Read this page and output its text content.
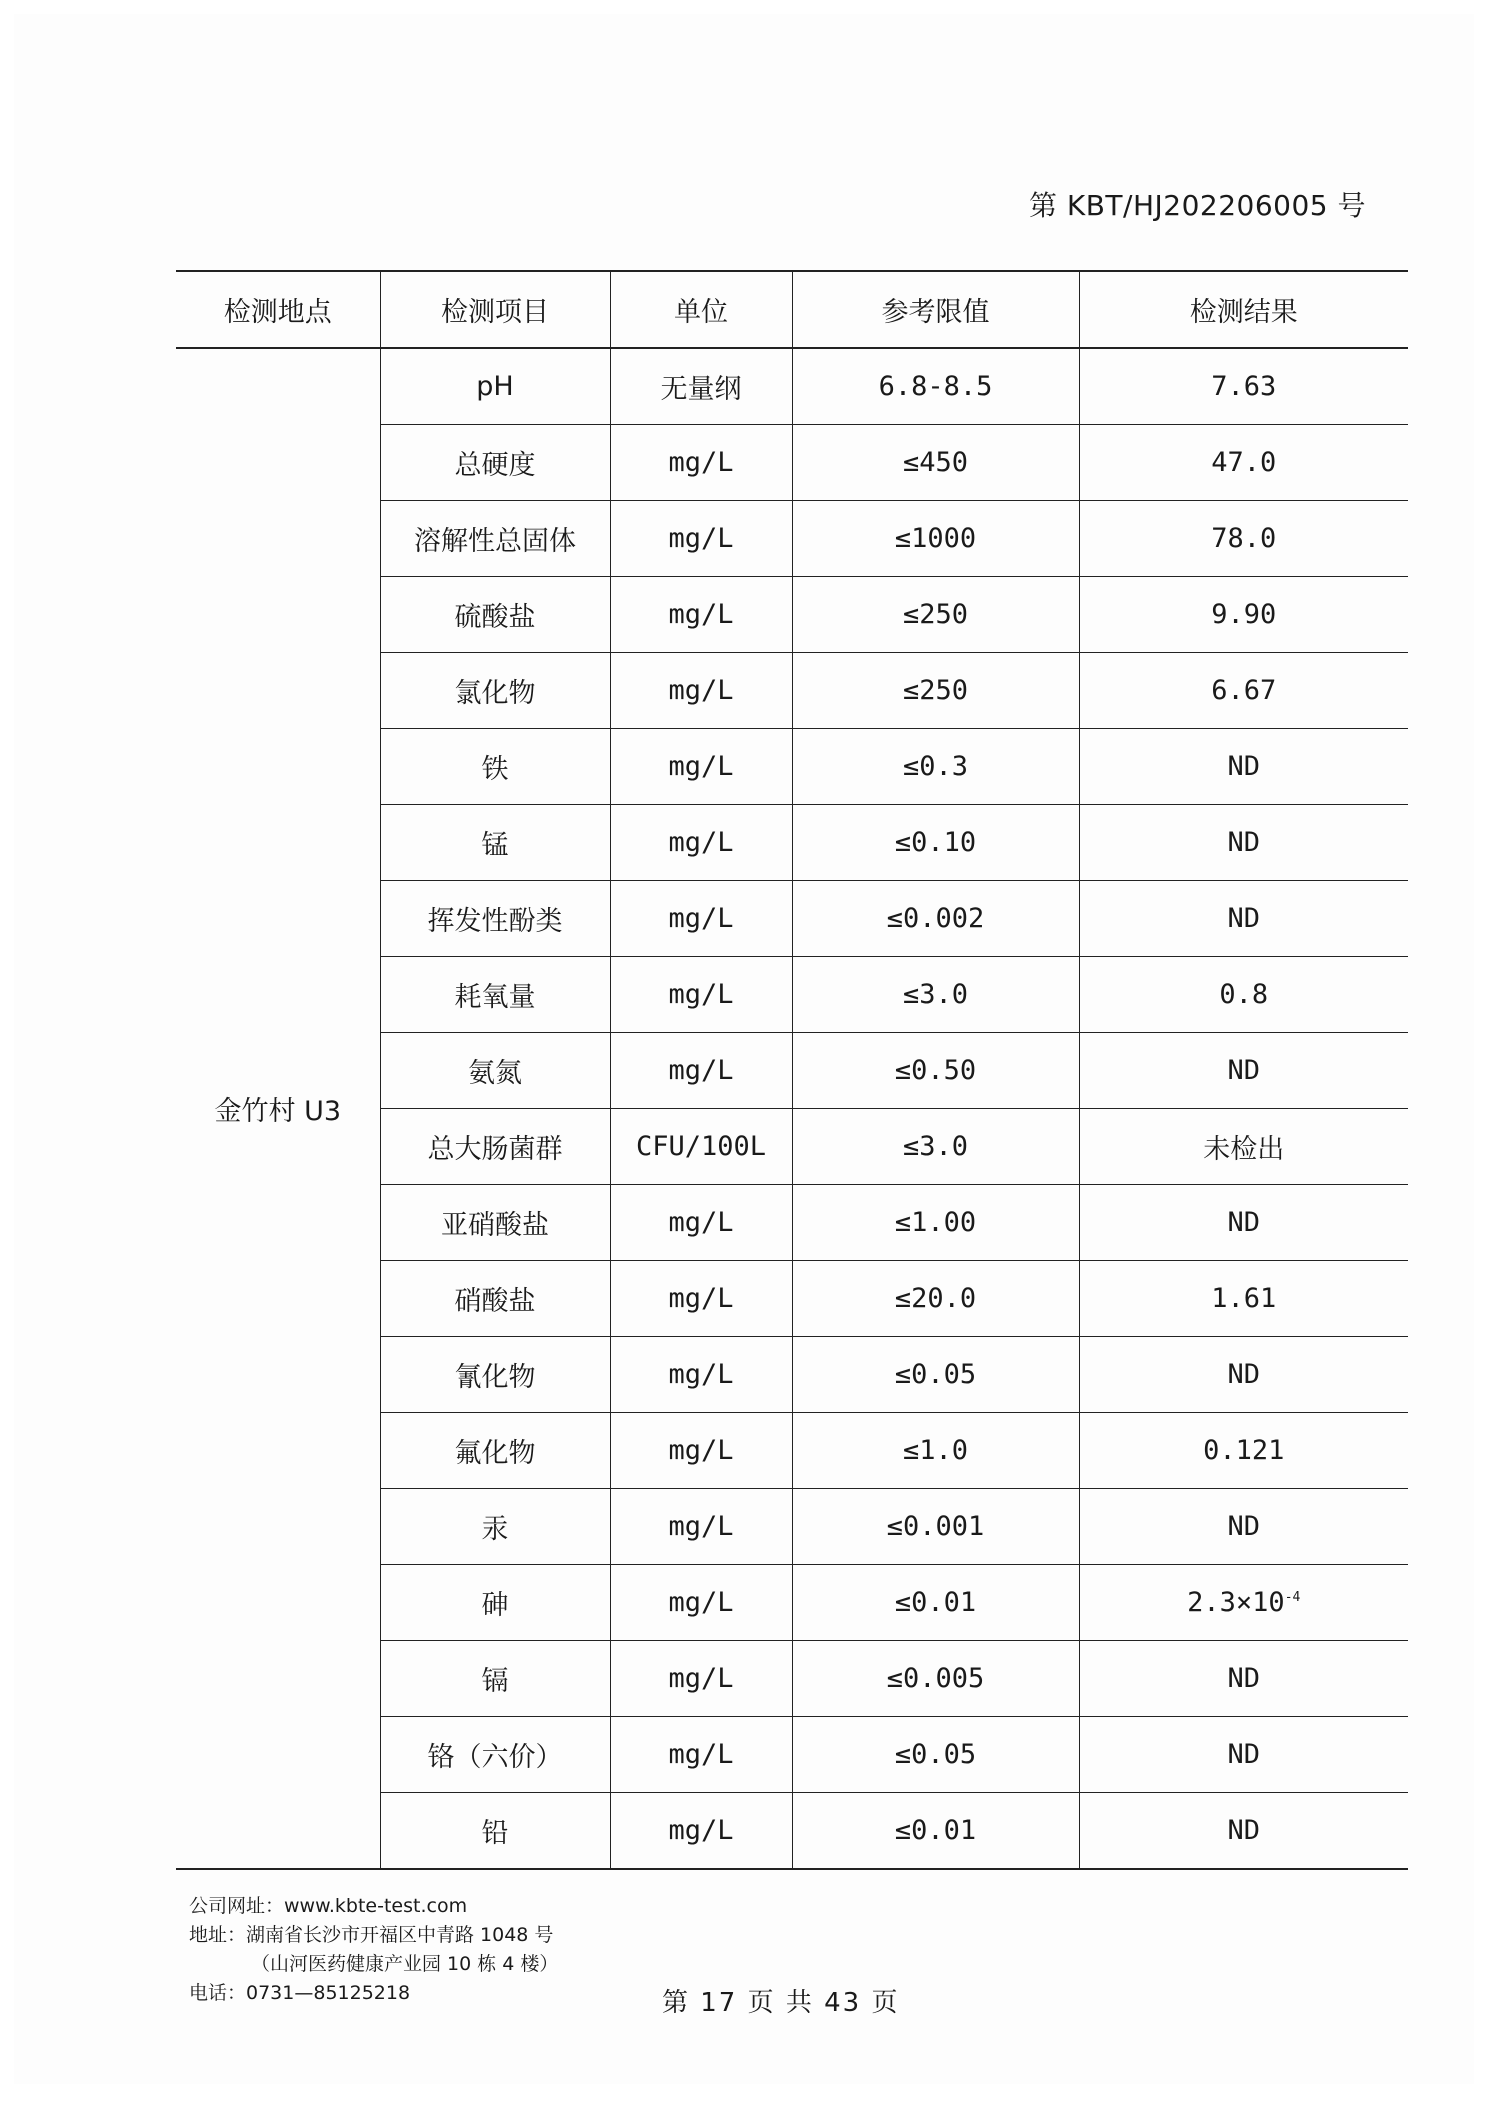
第 KBT/HJ202206005 号
检测地点	检测项目	单位	参考限值	检测结果
金竹村 U3	pH	无量纲	6.8-8.5	7.63
	总硬度	mg/L	≤450	47.0
	溶解性总固体	mg/L	≤1000	78.0
	硫酸盐	mg/L	≤250	9.90
	氯化物	mg/L	≤250	6.67
	铁	mg/L	≤0.3	ND
	锰	mg/L	≤0.10	ND
	挥发性酚类	mg/L	≤0.002	ND
	耗氧量	mg/L	≤3.0	0.8
	氨氮	mg/L	≤0.50	ND
	总大肠菌群	CFU/100L	≤3.0	未检出
	亚硝酸盐	mg/L	≤1.00	ND
	硝酸盐	mg/L	≤20.0	1.61
	氰化物	mg/L	≤0.05	ND
	氟化物	mg/L	≤1.0	0.121
	汞	mg/L	≤0.001	ND
	砷	mg/L	≤0.01	$2.3\times 10^{-4}$
	镉	mg/L	≤0.005	ND
	铬（六价）	mg/L	≤0.05	ND
	铅	mg/L	≤0.01	ND
公司网址：www.kbte-test.com
地址：湖南省长沙市开福区中青路 1048 号
（山河医药健康产业园 10 栋 4 楼）
电话：0731—85125218	第 17 页 共 43 页
